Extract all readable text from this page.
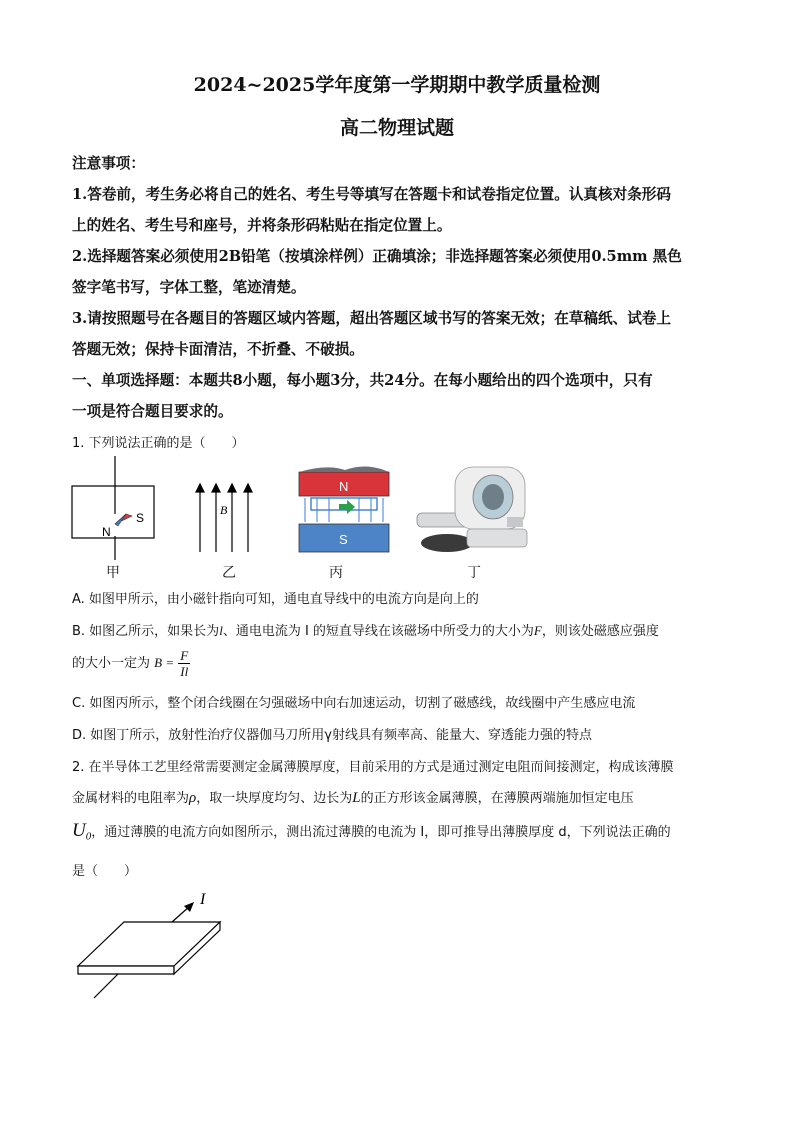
2024~2025学年度第一学期期中教学质量检测
高二物理试题
注意事项：
1.答卷前，考生务必将自己的姓名、考生号等填写在答题卡和试卷指定位置。认真核对条形码
上的姓名、考生号和座号，并将条形码粘贴在指定位置上。
2.选择题答案必须使用2B铅笔（按填涂样例）正确填涂；非选择题答案必须使用0.5mm 黑色
签字笔书写，字体工整，笔迹清楚。
3.请按照题号在各题目的答题区域内答题，超出答题区域书写的答案无效；在草稿纸、试卷上
答题无效；保持卡面清洁，不折叠、不破损。
一、单项选择题：本题共8小题，每小题3分，共24分。在每小题给出的四个选项中，只有
一项是符合题目要求的。
1. 下列说法正确的是（　　）
N
S
B
N
S
甲	乙	丙	丁
A. 如图甲所示，由小磁针指向可知，通电直导线中的电流方向是向上的
B. 如图乙所示，如果长为l、通电电流为 I 的短直导线在该磁场中所受力的大小为F，则该处磁感应强度
的大小一定为 $B = \frac{F}{Il}$
C. 如图丙所示，整个闭合线圈在匀强磁场中向右加速运动，切割了磁感线，故线圈中产生感应电流
D. 如图丁所示，放射性治疗仪器伽马刀所用γ射线具有频率高、能量大、穿透能力强的特点
2. 在半导体工艺里经常需要测定金属薄膜厚度，目前采用的方式是通过测定电阻而间接测定，构成该薄膜
金属材料的电阻率为ρ，取一块厚度均匀、边长为L的正方形该金属薄膜，在薄膜两端施加恒定电压
$U_0$，通过薄膜的电流方向如图所示，测出流过薄膜的电流为 I，即可推导出薄膜厚度 d，下列说法正确的
是（　　）
I
